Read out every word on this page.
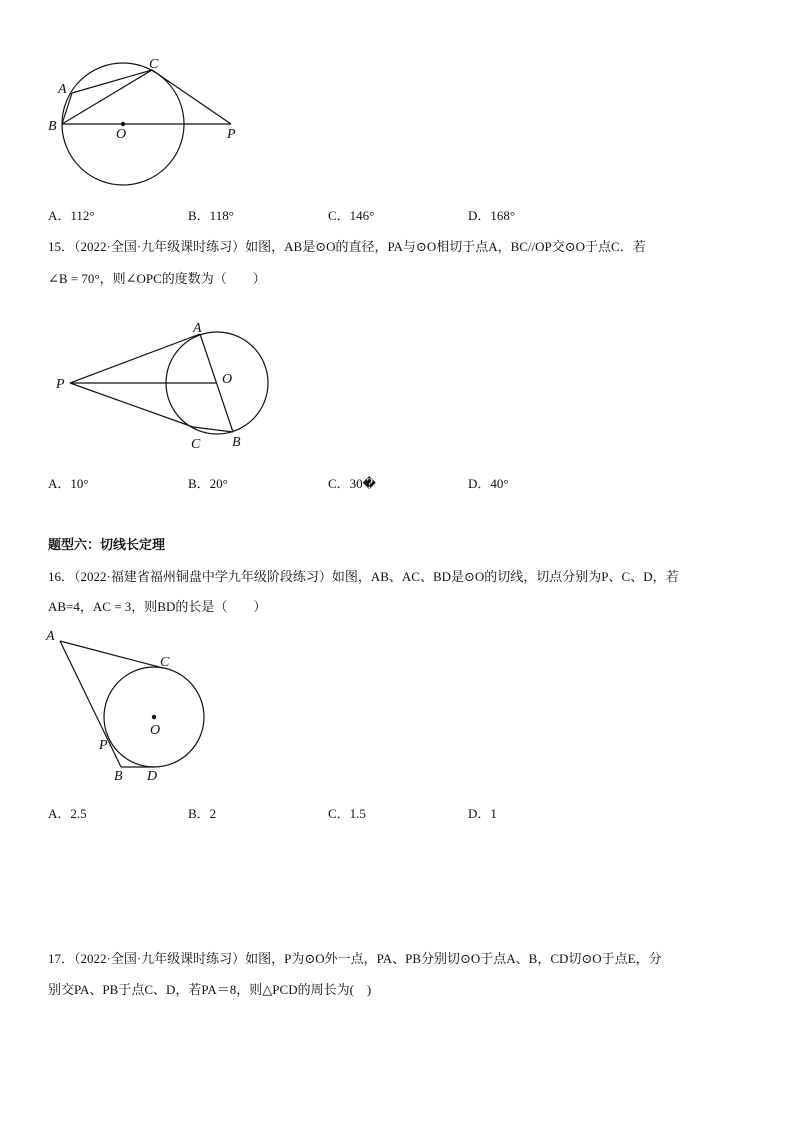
A
B
C
O	P
A．112°	B．118°	C．146°	D．168°
15．（2022·全国·九年级课时练习）如图，AB是⊙O的直径，PA与⊙O相切于点A，BC//OP交⊙O于点C．若
∠B = 70°，则∠OPC的度数为（　　）
A
O
P
C B
A．10°	B．20°	C．30�	D．40°
题型六：切线长定理
16．（2022·福建省福州铜盘中学九年级阶段练习）如图，AB、AC、BD是⊙O的切线，切点分别为P、C、D，若
AB=4，AC = 3，则BD的长是（　　）
A
C
O
P
B D
A．2.5	B．2	C．1.5	D．1
17．（2022·全国·九年级课时练习）如图，P为⊙O外一点，PA、PB分别切⊙O于点A、B，CD切⊙O于点E，分
别交PA、PB于点C、D，若PA＝8，则△PCD的周长为(　)
